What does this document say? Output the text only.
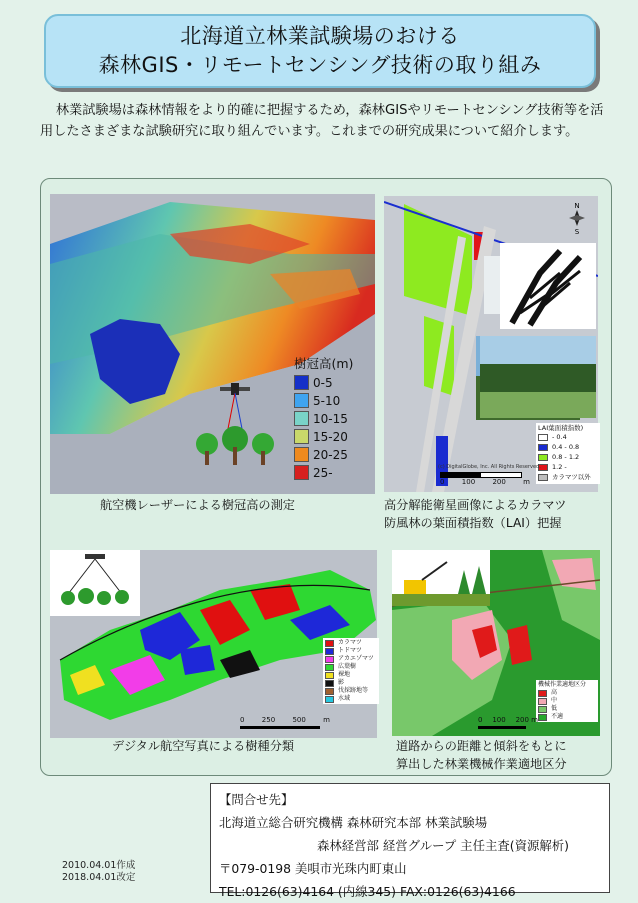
北海道立林業試験場のおける
森林GIS・リモートセンシング技術の取り組み
林業試験場は森林情報をより的確に把握するため，森林GISやリモートセンシング技術等を活用したさまざまな試験研究に取り組んでいます。これまでの研究成果について紹介します。
樹冠高(m)
0-5
5-10
10-15
15-20
20-25
25-
航空機レーザーによる樹冠高の測定
N
S
LAI葉面積指数)
- 0.4
0.4 - 0.8
0.8 - 1.2
1.2 -
カラマツ以外
(c) DigitalGlobe, Inc. All Rights Reserved.
0 100 200 m
高分解能衛星画像によるカラマツ
防風林の葉面積指数（LAI）把握
カラマツ
トドマツ
アカエゾマツ
広葉樹
裸地
影
伐採跡地等
水域
0 250 500 m
デジタル航空写真による樹種分類
機械作業適地区分
高
中
低
不適
0 100 200 m
道路からの距離と傾斜をもとに
算出した林業機械作業適地区分
【問合せ先】
北海道立総合研究機構 森林研究本部 林業試験場
森林経営部 経営グループ 主任主査(資源解析)
〒079-0198 美唄市光珠内町東山
TEL:0126(63)4164 (内線345) FAX:0126(63)4166
2010.04.01作成
2018.04.01改定
